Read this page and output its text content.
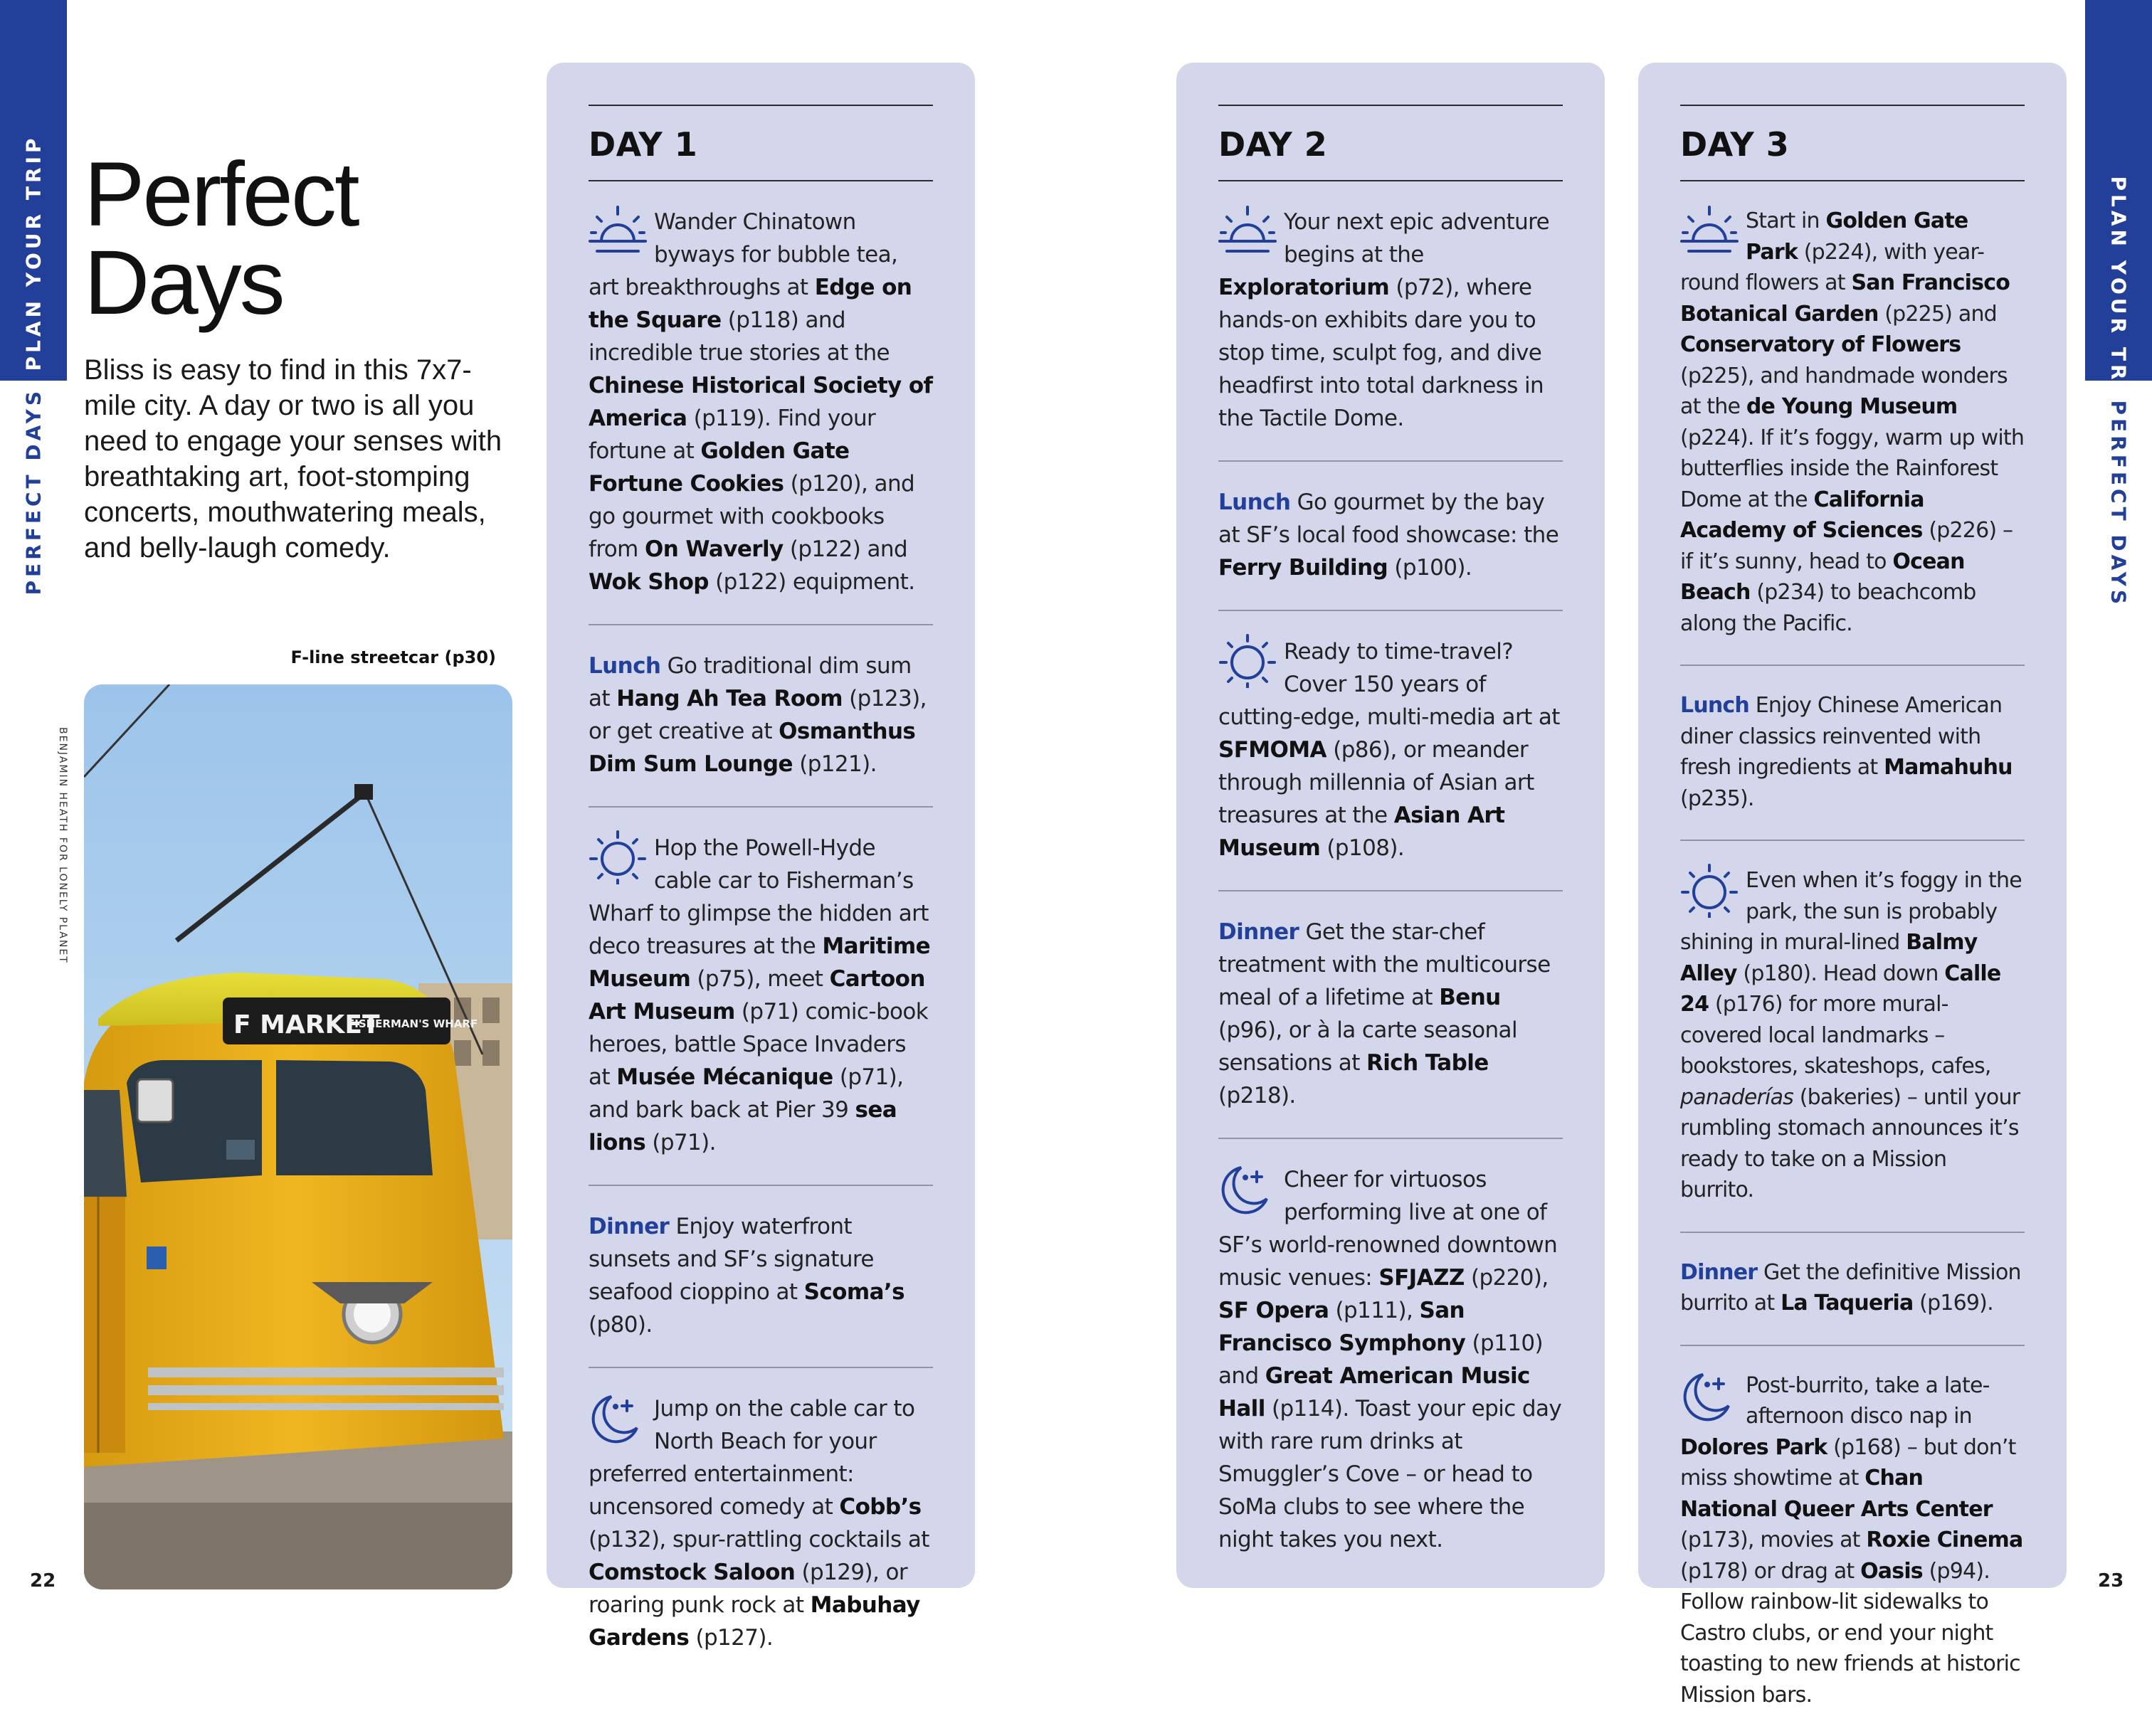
PLAN YOUR TRIP
PERFECT DAYS
PLAN YOUR TRIP
PERFECT DAYS
Perfect
Days

Bliss is easy to find in this 7x7-mile city. A day or two is all you need to engage your senses with breathtaking art, foot-stomping concerts, mouthwatering meals, and belly-laugh comedy.

F-line streetcar (p30)
BENJAMIN HEATH FOR LONELY PLANET
F MARKET
FISHERMAN'S WHARF
22	23
DAY 1
Wander Chinatown byways for bubble tea, art breakthroughs at Edge on the Square (p118) and incredible true stories at the Chinese Historical Society of America (p119). Find your fortune at Golden Gate Fortune Cookies (p120), and go gourmet with cookbooks from On Waverly (p122) and Wok Shop (p122) equipment.
Lunch Go traditional dim sum at Hang Ah Tea Room (p123), or get creative at Osmanthus Dim Sum Lounge (p121).
Hop the Powell-Hyde cable car to Fisherman’s Wharf to glimpse the hidden art deco treasures at the Maritime Museum (p75), meet Cartoon Art Museum (p71) comic-book heroes, battle Space Invaders at Musée Mécanique (p71), and bark back at Pier 39 sea lions (p71).
Dinner Enjoy waterfront sunsets and SF’s signature seafood cioppino at Scoma’s (p80).
Jump on the cable car to North Beach for your preferred entertainment: uncensored comedy at Cobb’s (p132), spur-rattling cocktails at Comstock Saloon (p129), or roaring punk rock at Mabuhay Gardens (p127).
DAY 2
Your next epic adventure begins at the Exploratorium (p72), where hands-on exhibits dare you to stop time, sculpt fog, and dive headfirst into total darkness in the Tactile Dome.
Lunch Go gourmet by the bay at SF’s local food showcase: the Ferry Building (p100).
Ready to time-travel? Cover 150 years of cutting-edge, multi-media art at SFMOMA (p86), or meander through millennia of Asian art treasures at the Asian Art Museum (p108).
Dinner Get the star-chef treatment with the multicourse meal of a lifetime at Benu (p96), or à la carte seasonal sensations at Rich Table (p218).
Cheer for virtuosos performing live at one of SF’s world-renowned downtown music venues: SFJAZZ (p220), SF Opera (p111), San Francisco Symphony (p110) and Great American Music Hall (p114). Toast your epic day with rare rum drinks at Smuggler’s Cove – or head to SoMa clubs to see where the night takes you next.
DAY 3
Start in Golden Gate Park (p224), with year-round flowers at San Francisco Botanical Garden (p225) and Conservatory of Flowers (p225), and handmade wonders at the de Young Museum (p224). If it’s foggy, warm up with butterflies inside the Rainforest Dome at the California Academy of Sciences (p226) – if it’s sunny, head to Ocean Beach (p234) to beachcomb along the Pacific.
Lunch Enjoy Chinese American diner classics reinvented with fresh ingredients at Mamahuhu (p235).
Even when it’s foggy in the park, the sun is probably shining in mural-lined Balmy Alley (p180). Head down Calle 24 (p176) for more mural-covered local landmarks – bookstores, skateshops, cafes, panaderías (bakeries) – until your rumbling stomach announces it’s ready to take on a Mission burrito.
Dinner Get the definitive Mission burrito at La Taqueria (p169).
Post-burrito, take a late-afternoon disco nap in Dolores Park (p168) – but don’t miss showtime at Chan National Queer Arts Center (p173), movies at Roxie Cinema (p178) or drag at Oasis (p94). Follow rainbow-lit sidewalks to Castro clubs, or end your night toasting to new friends at historic Mission bars.
